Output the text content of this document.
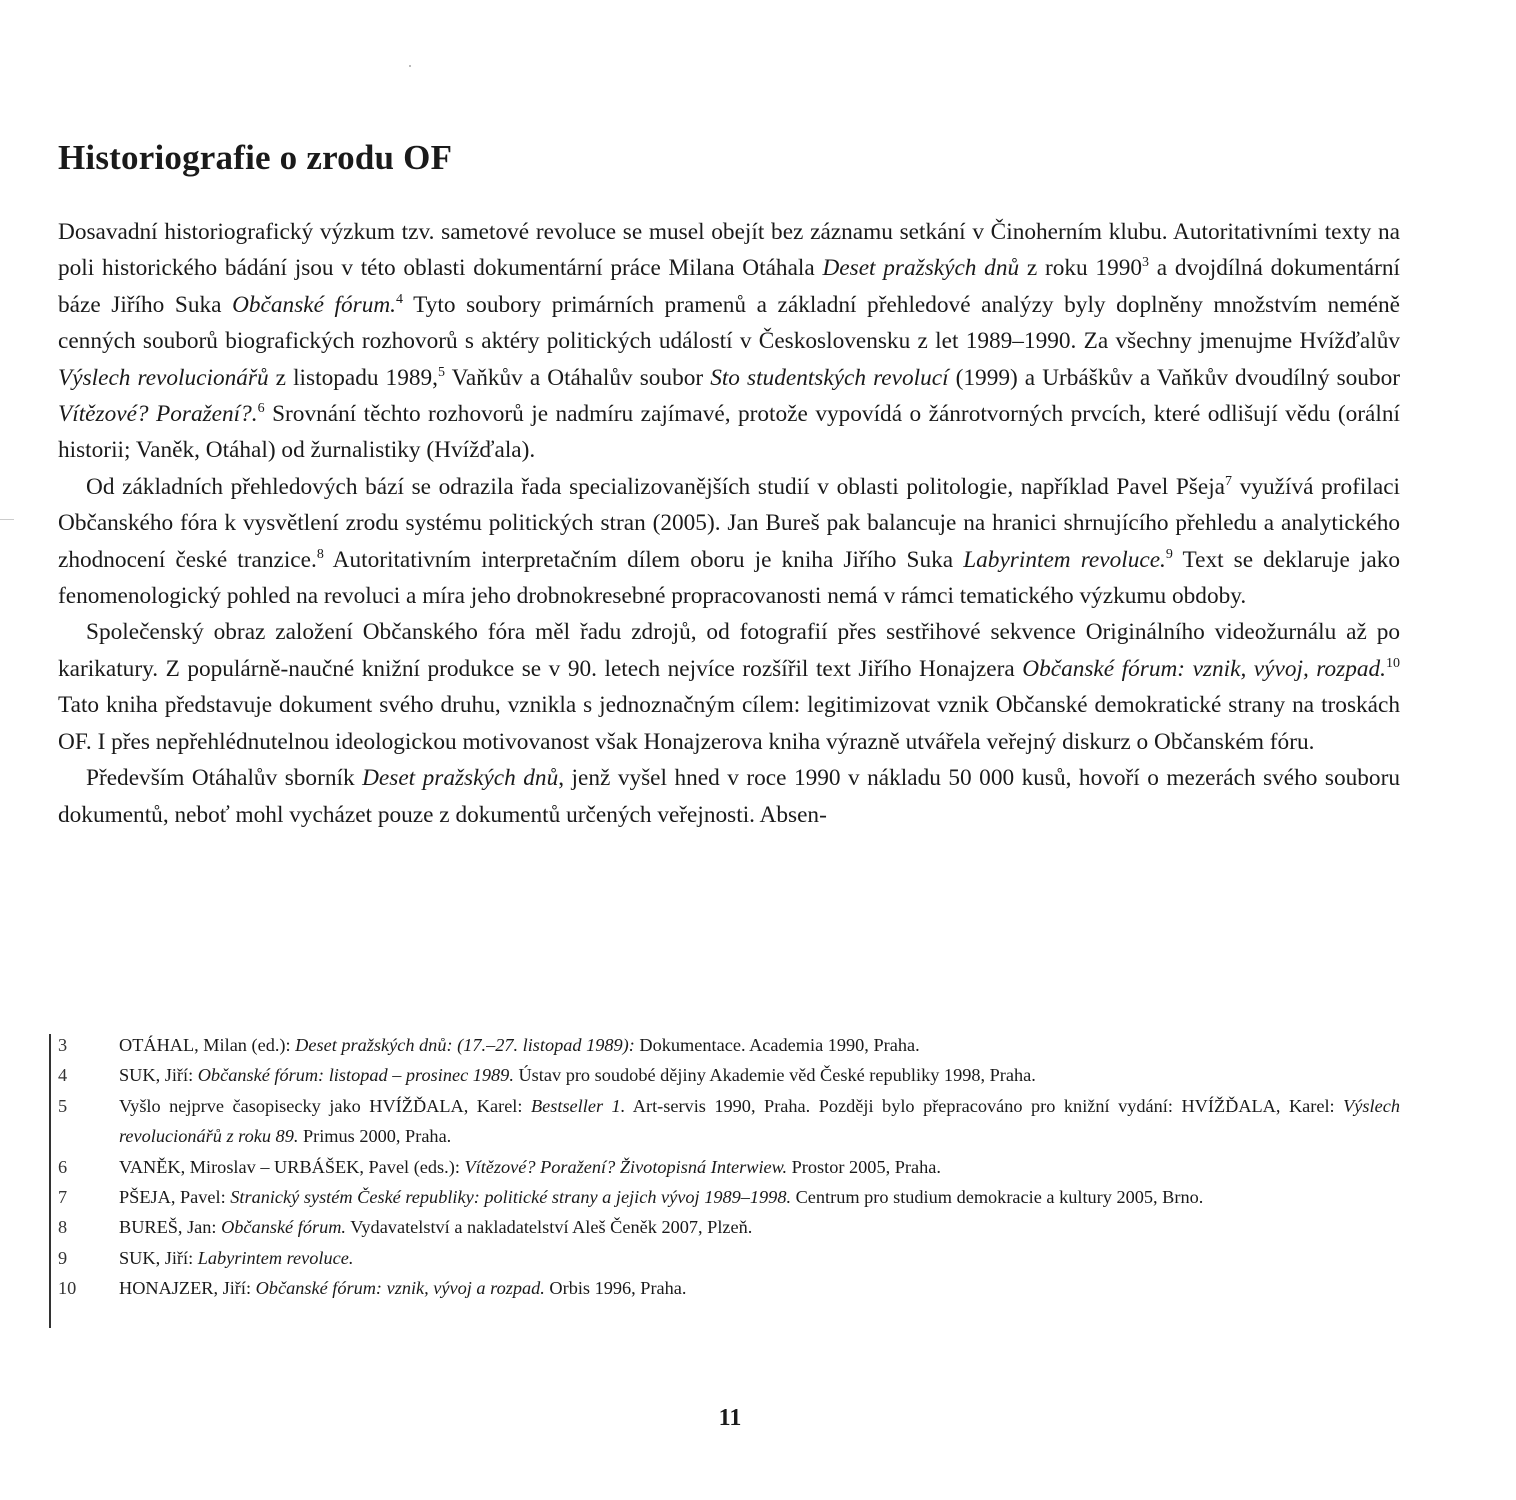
Historiografie o zrodu OF

Dosavadní historiografický výzkum tzv. sametové revoluce se musel obejít bez záznamu setkání v Činoherním klubu. Autoritativními texty na poli historického bádání jsou v této oblasti dokumentární práce Milana Otáhala Deset pražských dnů z roku 1990$^3$ a dvojdílná dokumentární báze Jiřího Suka Občanské fórum.$^4$ Tyto soubory primárních pramenů a základní přehledové analýzy byly doplněny množstvím neméně cenných souborů biografických rozhovorů s aktéry politických událostí v Československu z let 1989–1990. Za všechny jmenujme Hvížďalův Výslech revolucionářů z listopadu 1989,$^5$ Vaňkův a Otáhalův soubor Sto studentských revolucí (1999) a Urbáškův a Vaňkův dvoudílný soubor Vítězové? Poražení?.$^6$ Srovnání těchto rozhovorů je nadmíru zajímavé, protože vypovídá o žánrotvorných prvcích, které odlišují vědu (orální historii; Vaněk, Otáhal) od žurnalistiky (Hvížďala).

Od základních přehledových bází se odrazila řada specializovanějších studií v oblasti politologie, například Pavel Pšeja$^7$ využívá profilaci Občanského fóra k vysvětlení zrodu systému politických stran (2005). Jan Bureš pak balancuje na hranici shrnujícího přehledu a analytického zhodnocení české tranzice.$^8$ Autoritativním interpretačním dílem oboru je kniha Jiřího Suka Labyrintem revoluce.$^9$ Text se deklaruje jako fenomenologický pohled na revoluci a míra jeho drobnokresebné propracovanosti nemá v rámci tematického výzkumu obdoby.

Společenský obraz založení Občanského fóra měl řadu zdrojů, od fotografií přes sestřihové sekvence Originálního videožurnálu až po karikatury. Z populárně-naučné knižní produkce se v 90. letech nejvíce rozšířil text Jiřího Honajzera Občanské fórum: vznik, vývoj, rozpad.$^{10}$ Tato kniha představuje dokument svého druhu, vznikla s jednoznačným cílem: legitimizovat vznik Občanské demokratické strany na troskách OF. I přes nepřehlédnutelnou ideologickou motivovanost však Honajzerova kniha výrazně utvářela veřejný diskurz o Občanském fóru.

Především Otáhalův sborník Deset pražských dnů, jenž vyšel hned v roce 1990 v nákladu 50 000 kusů, hovoří o mezerách svého souboru dokumentů, neboť mohl vycházet pouze z dokumentů určených veřejnosti. Absen-

3	OTÁHAL, Milan (ed.): Deset pražských dnů: (17.–27. listopad 1989): Dokumentace. Academia 1990, Praha.
4	SUK, Jiří: Občanské fórum: listopad – prosinec 1989. Ústav pro soudobé dějiny Akademie věd České republiky 1998, Praha.
5	Vyšlo nejprve časopisecky jako HVÍŽĎALA, Karel: Bestseller 1. Art-servis 1990, Praha. Později bylo přepracováno pro knižní vydání: HVÍŽĎALA, Karel: Výslech revolucionářů z roku 89. Primus 2000, Praha.
6	VANĚK, Miroslav – URBÁŠEK, Pavel (eds.): Vítězové? Poražení? Životopisná Interwiew. Prostor 2005, Praha.
7	PŠEJA, Pavel: Stranický systém České republiky: politické strany a jejich vývoj 1989–1998. Centrum pro studium demokracie a kultury 2005, Brno.
8	BUREŠ, Jan: Občanské fórum. Vydavatelství a nakladatelství Aleš Čeněk 2007, Plzeň.
9	SUK, Jiří: Labyrintem revoluce.
10	HONAJZER, Jiří: Občanské fórum: vznik, vývoj a rozpad. Orbis 1996, Praha.
11
